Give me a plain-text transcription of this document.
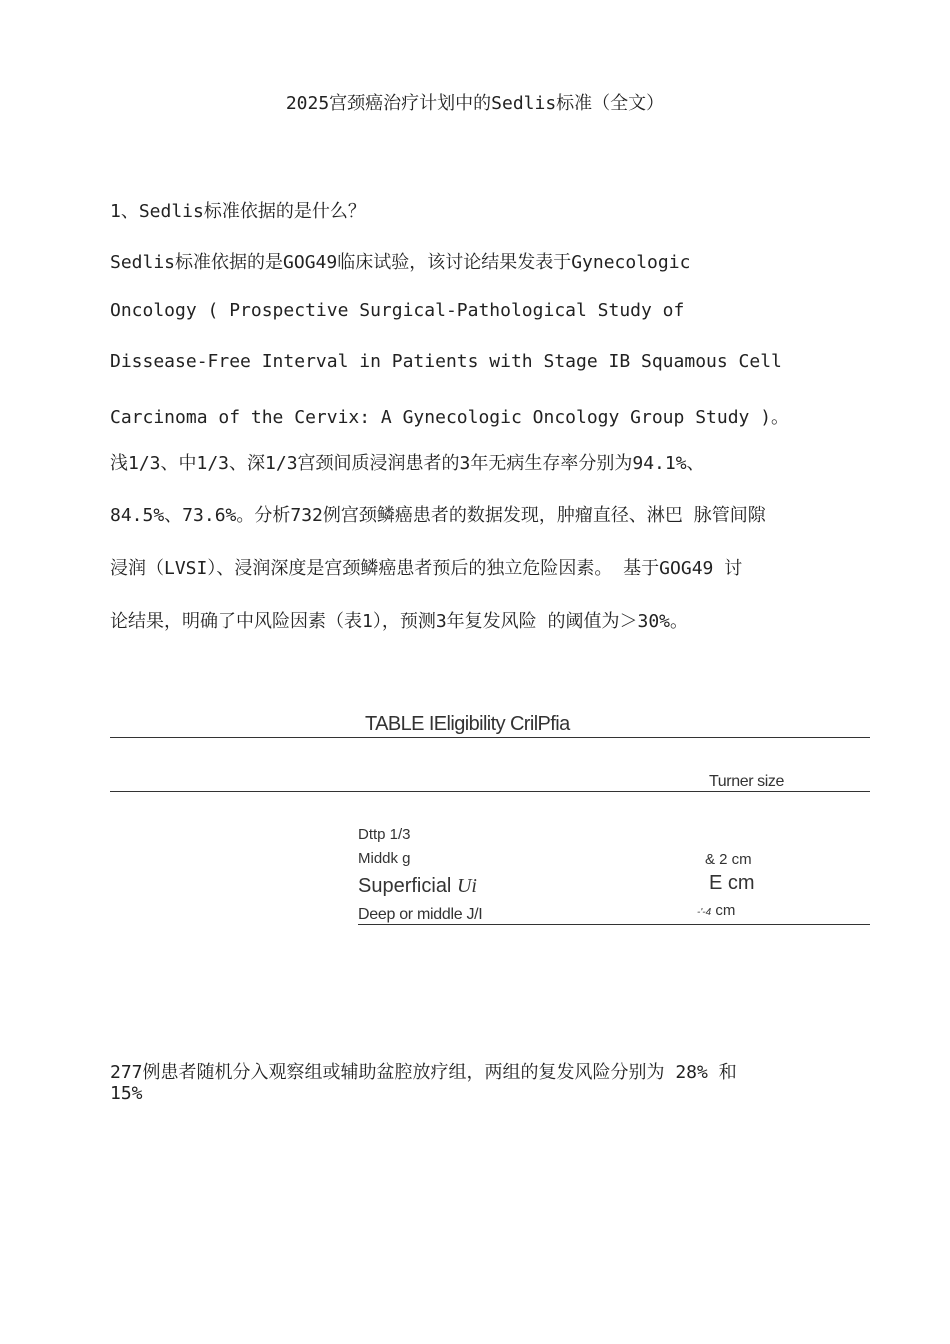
2025宫颈癌治疗计划中的Sedlis标准（全文）
1、Sedlis标准依据的是什么？
Sedlis标准依据的是GOG49临床试验，该讨论结果发表于Gynecologic
Oncology ( Prospective Surgical-Pathological Study of
Dissease-Free Interval in Patients with Stage IB Squamous Cell
Carcinoma of the Cervix: A Gynecologic Oncology Group Study )。
浅1/3、中1/3、深1/3宫颈间质浸润患者的3年无病生存率分别为94.1%、
84.5%、73.6%。分析732例宫颈鳞癌患者的数据发现，肿瘤直径、淋巴 脉管间隙
浸润（LVSI）、浸润深度是宫颈鳞癌患者预后的独立危险因素。 基于GOG49 讨
论结果，明确了中风险因素（表1），预测3年复发风险 的阈值为＞30%。
TABLE IEligibility CrilPfia
Turner size
Dttp 1/3
Middk g	& 2 cm
Superficial Ui	E cm
Deep or middle J/I	-'-4 cm
277例患者随机分入观察组或辅助盆腔放疗组，两组的复发风险分别为 28% 和
15%
